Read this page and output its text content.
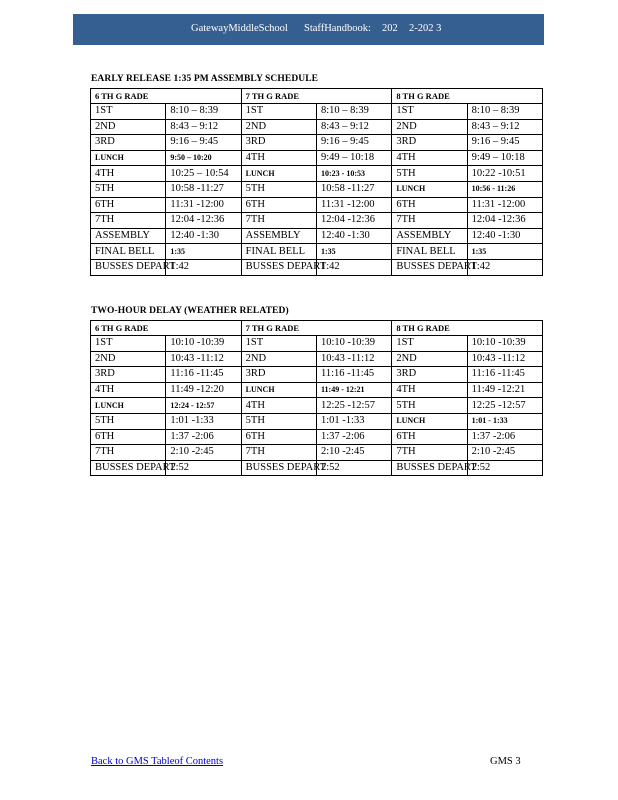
GatewayMiddleSchool StaffHandbook: 202 2-202 3
EARLY RELEASE 1:35 PM ASSEMBLY SCHEDULE
6 TH G RADE		7 TH G RADE		8 TH G RADE	
1ST	8:10 – 8:39	1ST	8:10 – 8:39	1ST	8:10 – 8:39
2ND	8:43 – 9:12	2ND	8:43 – 9:12	2ND	8:43 – 9:12
3RD	9:16 – 9:45	3RD	9:16 – 9:45	3RD	9:16 – 9:45
LUNCH	9:50 – 10:20	4TH	9:49 – 10:18	4TH	9:49 – 10:18
4TH	10:25 – 10:54	LUNCH	10:23 - 10:53	5TH	10:22 -10:51
5TH	10:58 -11:27	5TH	10:58 -11:27	LUNCH	10:56 - 11:26
6TH	11:31 -12:00	6TH	11:31 -12:00	6TH	11:31 -12:00
7TH	12:04 -12:36	7TH	12:04 -12:36	7TH	12:04 -12:36
ASSEMBLY	12:40 -1:30	ASSEMBLY	12:40 -1:30	ASSEMBLY	12:40 -1:30
FINAL BELL	1:35	FINAL BELL	1:35	FINAL BELL	1:35
BUSSES DEPART	1:42	BUSSES DEPART	1:42	BUSSES DEPART	1:42
TWO-HOUR DELAY (WEATHER RELATED)
6 TH G RADE		7 TH G RADE		8 TH G RADE	
1ST	10:10 -10:39	1ST	10:10 -10:39	1ST	10:10 -10:39
2ND	10:43 -11:12	2ND	10:43 -11:12	2ND	10:43 -11:12
3RD	11:16 -11:45	3RD	11:16 -11:45	3RD	11:16 -11:45
4TH	11:49 -12:20	LUNCH	11:49 - 12:21	4TH	11:49 -12:21
LUNCH	12:24 - 12:57	4TH	12:25 -12:57	5TH	12:25 -12:57
5TH	1:01 -1:33	5TH	1:01 -1:33	LUNCH	1:01 - 1:33
6TH	1:37 -2:06	6TH	1:37 -2:06	6TH	1:37 -2:06
7TH	2:10 -2:45	7TH	2:10 -2:45	7TH	2:10 -2:45
BUSSES DEPART	2:52	BUSSES DEPART	2:52	BUSSES DEPART	2:52
Back to GMS Tableof Contents	GMS 3
